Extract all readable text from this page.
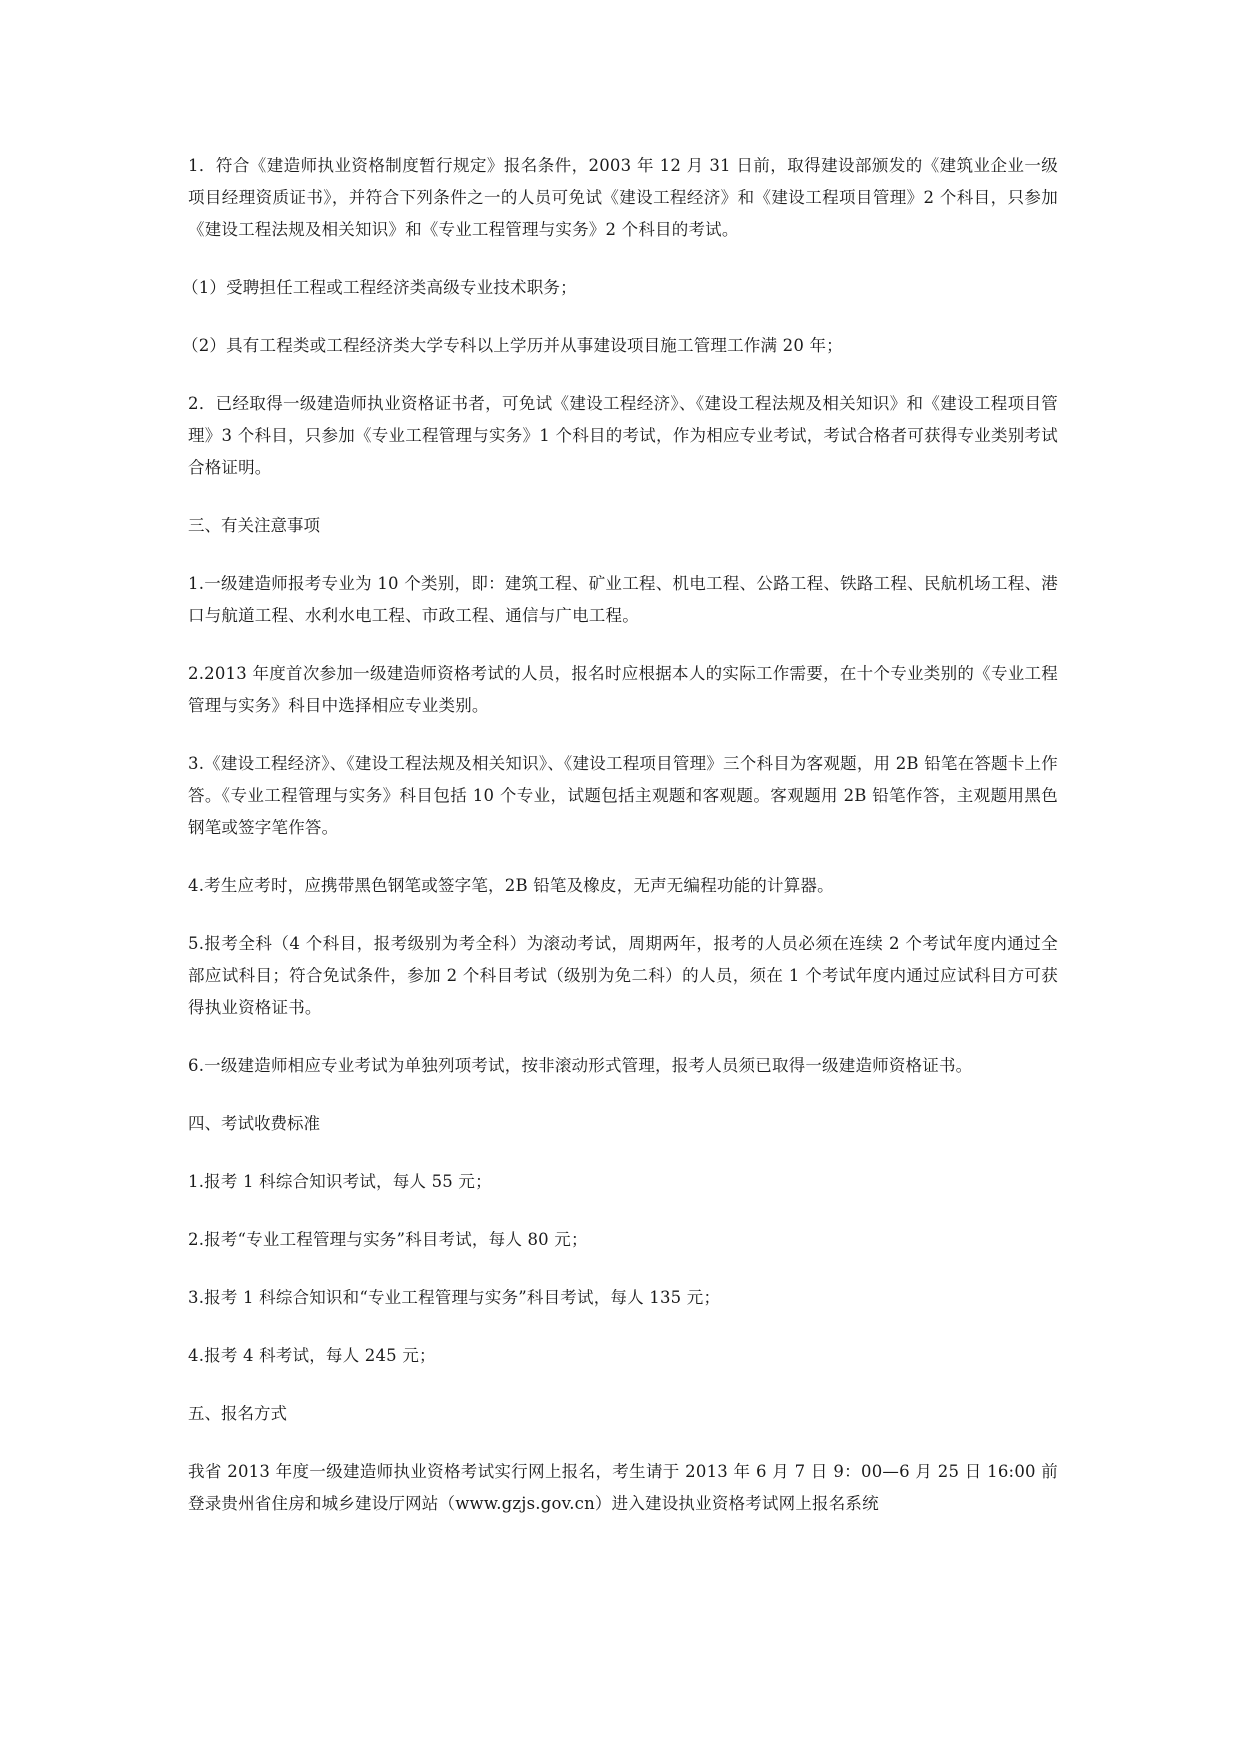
1．符合《建造师执业资格制度暂行规定》报名条件，2003 年 12 月 31 日前，取得建设部颁发的《建筑业企业一级项目经理资质证书》，并符合下列条件之一的人员可免试《建设工程经济》和《建设工程项目管理》2 个科目，只参加《建设工程法规及相关知识》和《专业工程管理与实务》2 个科目的考试。

（1）受聘担任工程或工程经济类高级专业技术职务；

（2）具有工程类或工程经济类大学专科以上学历并从事建设项目施工管理工作满 20 年；

2．已经取得一级建造师执业资格证书者，可免试《建设工程经济》、《建设工程法规及相关知识》和《建设工程项目管理》3 个科目，只参加《专业工程管理与实务》1 个科目的考试，作为相应专业考试，考试合格者可获得专业类别考试合格证明。

三、有关注意事项

1.一级建造师报考专业为 10 个类别，即：建筑工程、矿业工程、机电工程、公路工程、铁路工程、民航机场工程、港口与航道工程、水利水电工程、市政工程、通信与广电工程。

2.2013 年度首次参加一级建造师资格考试的人员，报名时应根据本人的实际工作需要，在十个专业类别的《专业工程管理与实务》科目中选择相应专业类别。

3.《建设工程经济》、《建设工程法规及相关知识》、《建设工程项目管理》三个科目为客观题，用 2B 铅笔在答题卡上作答。《专业工程管理与实务》科目包括 10 个专业，试题包括主观题和客观题。客观题用 2B 铅笔作答，主观题用黑色钢笔或签字笔作答。

4.考生应考时，应携带黑色钢笔或签字笔，2B 铅笔及橡皮，无声无编程功能的计算器。

5.报考全科（4 个科目，报考级别为考全科）为滚动考试，周期两年，报考的人员必须在连续 2 个考试年度内通过全部应试科目；符合免试条件，参加 2 个科目考试（级别为免二科）的人员，须在 1 个考试年度内通过应试科目方可获得执业资格证书。

6.一级建造师相应专业考试为单独列项考试，按非滚动形式管理，报考人员须已取得一级建造师资格证书。

四、考试收费标准

1.报考 1 科综合知识考试，每人 55 元；

2.报考“专业工程管理与实务”科目考试，每人 80 元；

3.报考 1 科综合知识和“专业工程管理与实务”科目考试，每人 135 元；

4.报考 4 科考试，每人 245 元；

五、报名方式

我省 2013 年度一级建造师执业资格考试实行网上报名，考生请于 2013 年 6 月 7 日 9：00—6 月 25 日 16:00 前登录贵州省住房和城乡建设厅网站（www.gzjs.gov.cn）进入建设执业资格考试网上报名系统
